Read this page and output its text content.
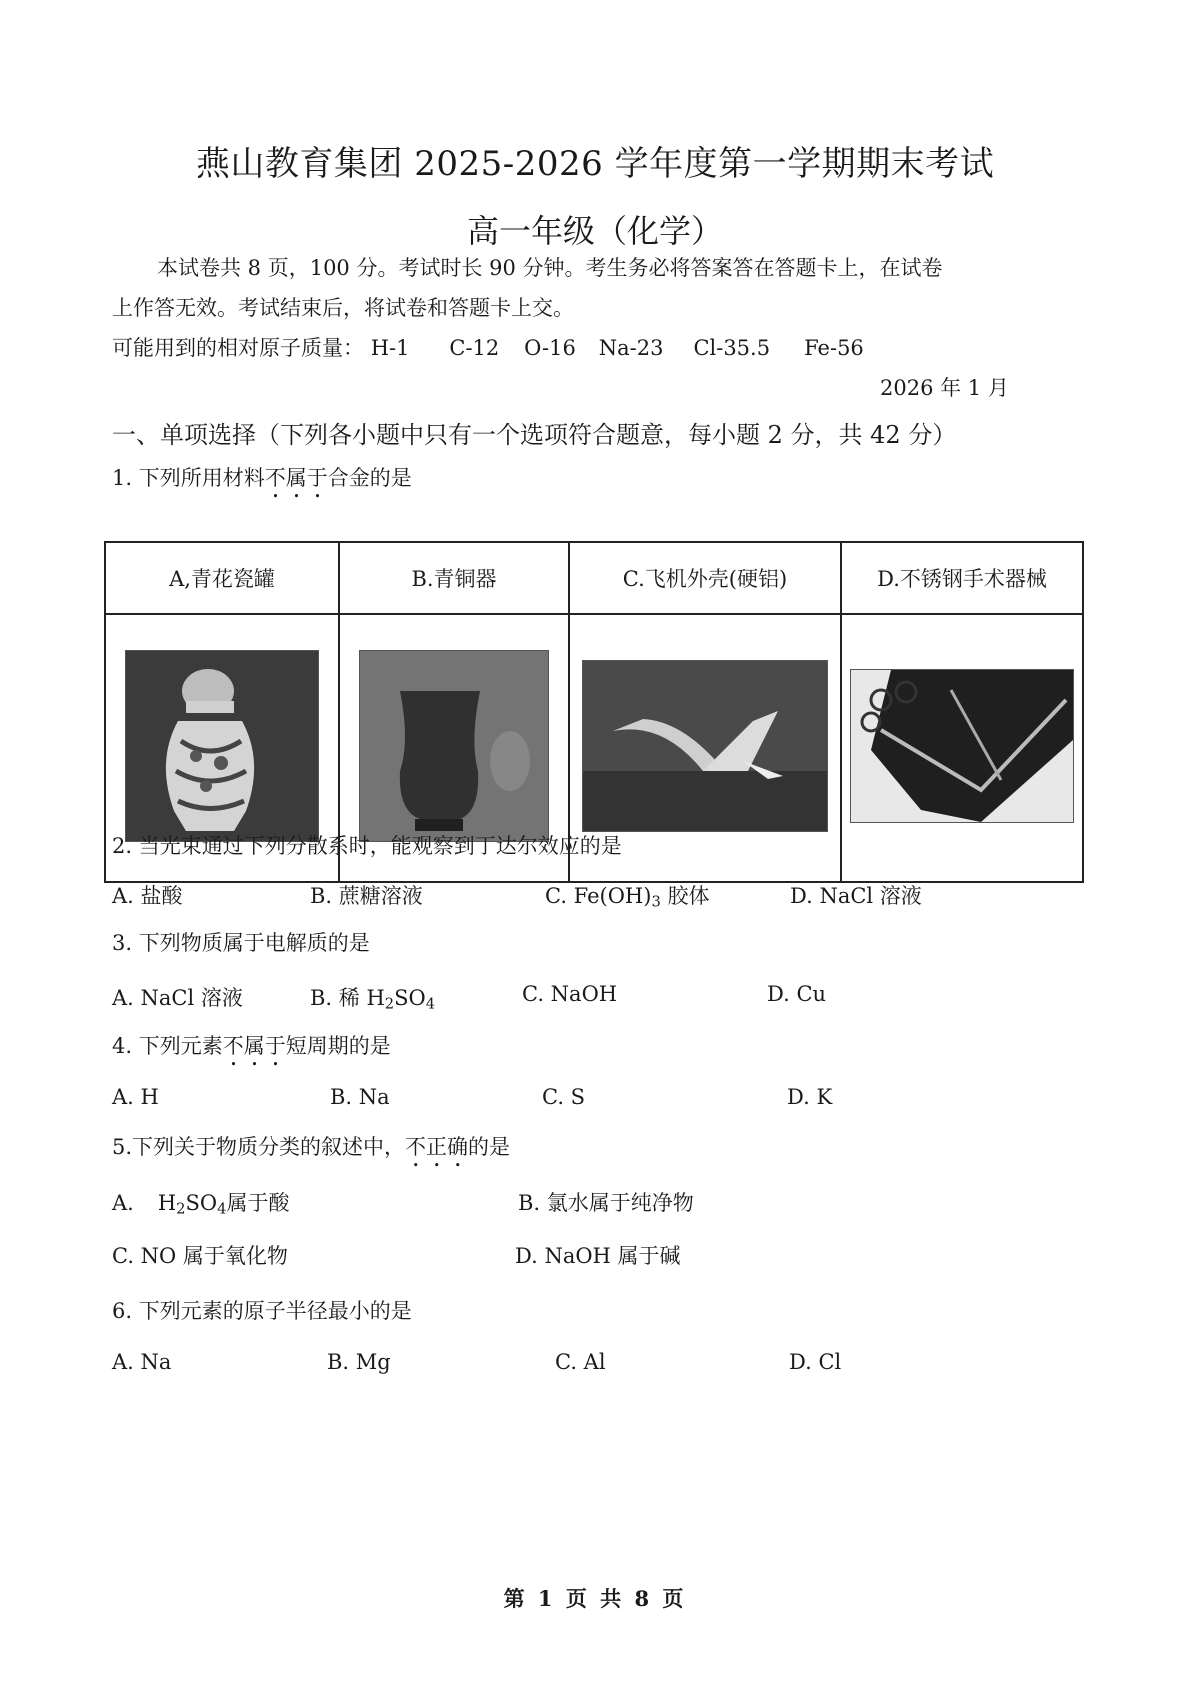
燕山教育集团 2025-2026 学年度第一学期期末考试
高一年级（化学）
本试卷共 8 页，100 分。考试时长 90 分钟。考生务必将答案答在答题卡上，在试卷
上作答无效。考试结束后，将试卷和答题卡上交。
可能用到的相对原子质量： H-1 C-12 O-16 Na-23 Cl-35.5 Fe-56
2026 年 1 月
一、单项选择（下列各小题中只有一个选项符合题意，每小题 2 分，共 42 分）
1. 下列所用材料不属于合金的是
A,青花瓷罐	B.青铜器	C.飞机外壳(硬铝)	D.不锈钢手术器械

2. 当光束通过下列分散系时，能观察到丁达尔效应的是
A. 盐酸	B. 蔗糖溶液	C. $Fe(OH)_3$ 胶体	D. NaCl 溶液
3. 下列物质属于电解质的是
A. NaCl 溶液	B. 稀 $H_2SO_4$	C. NaOH	D. Cu
4. 下列元素不属于短周期的是
A. H	B. Na	C. S	D. K
5.下列关于物质分类的叙述中，不正确的是
A. $H_2SO_4$属于酸	B. 氯水属于纯净物
C. NO 属于氧化物	D. NaOH 属于碱
6. 下列元素的原子半径最小的是
A. Na	B. Mg	C. Al	D. Cl
第 1 页 共 8 页
